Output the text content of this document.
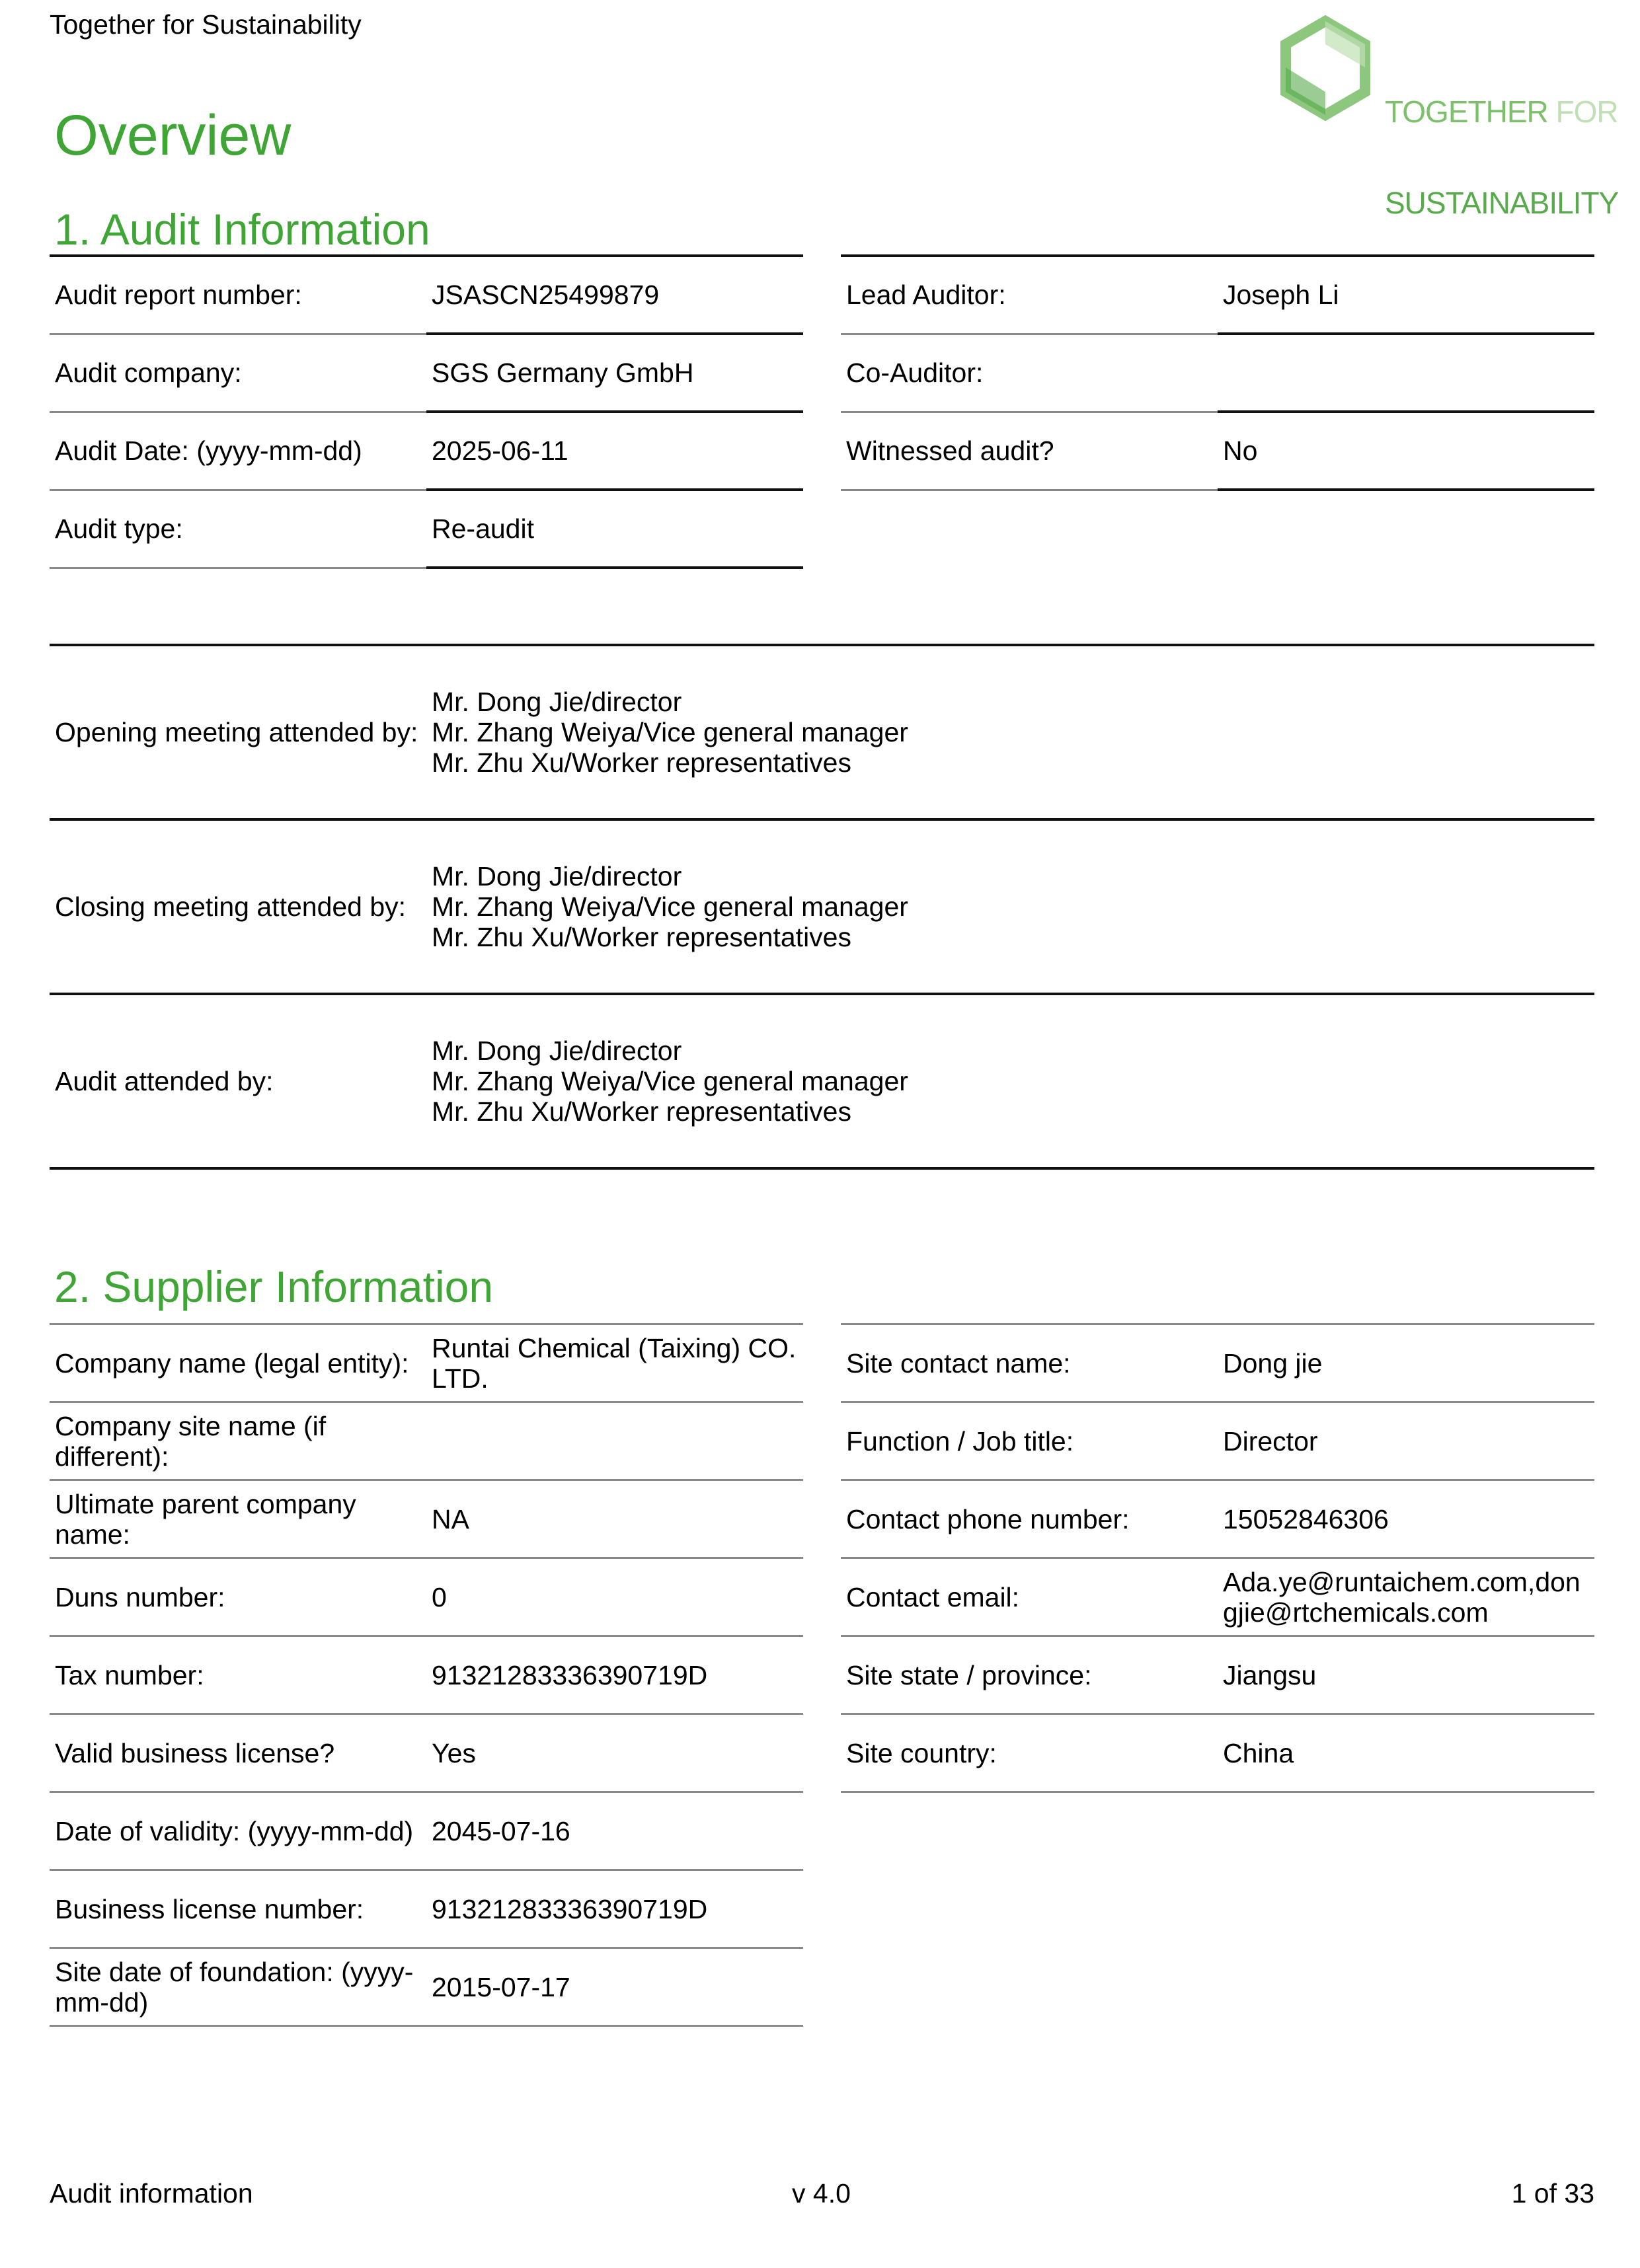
Together for Sustainability

TOGETHER FOR

SUSTAINABILITY

Overview
1. Audit Information
Audit report number:	JSASCN25499879
Audit company:	SGS Germany GmbH
Audit Date: (yyyy-mm-dd)	2025-06-11
Audit type:	Re-audit
Lead Auditor:	Joseph Li
Co-Auditor:	
Witnessed audit?	No
Opening meeting attended by:	Mr. Dong Jie/director
Mr. Zhang Weiya/Vice general manager
Mr. Zhu Xu/Worker representatives

Closing meeting attended by:	Mr. Dong Jie/director
Mr. Zhang Weiya/Vice general manager
Mr. Zhu Xu/Worker representatives

Audit attended by:	Mr. Dong Jie/director
Mr. Zhang Weiya/Vice general manager
Mr. Zhu Xu/Worker representatives
2. Supplier Information
Company name (legal entity):	Runtai Chemical (Taixing) CO. LTD.
Company site name (if different):	
Ultimate parent company name:	NA
Duns number:	0
Tax number:	91321283336390719D
Valid business license?	Yes
Date of validity: (yyyy-mm-dd)	2045-07-16
Business license number:	91321283336390719D
Site date of foundation: (yyyy-mm-dd)	2015-07-17
Site contact name:	Dong jie
Function / Job title:	Director
Contact phone number:	15052846306
Contact email:	Ada.ye@runtaichem.com,dongjie@rtchemicals.com
Site state / province:	Jiangsu
Site country:	China
Audit information	v 4.0	1 of 33
